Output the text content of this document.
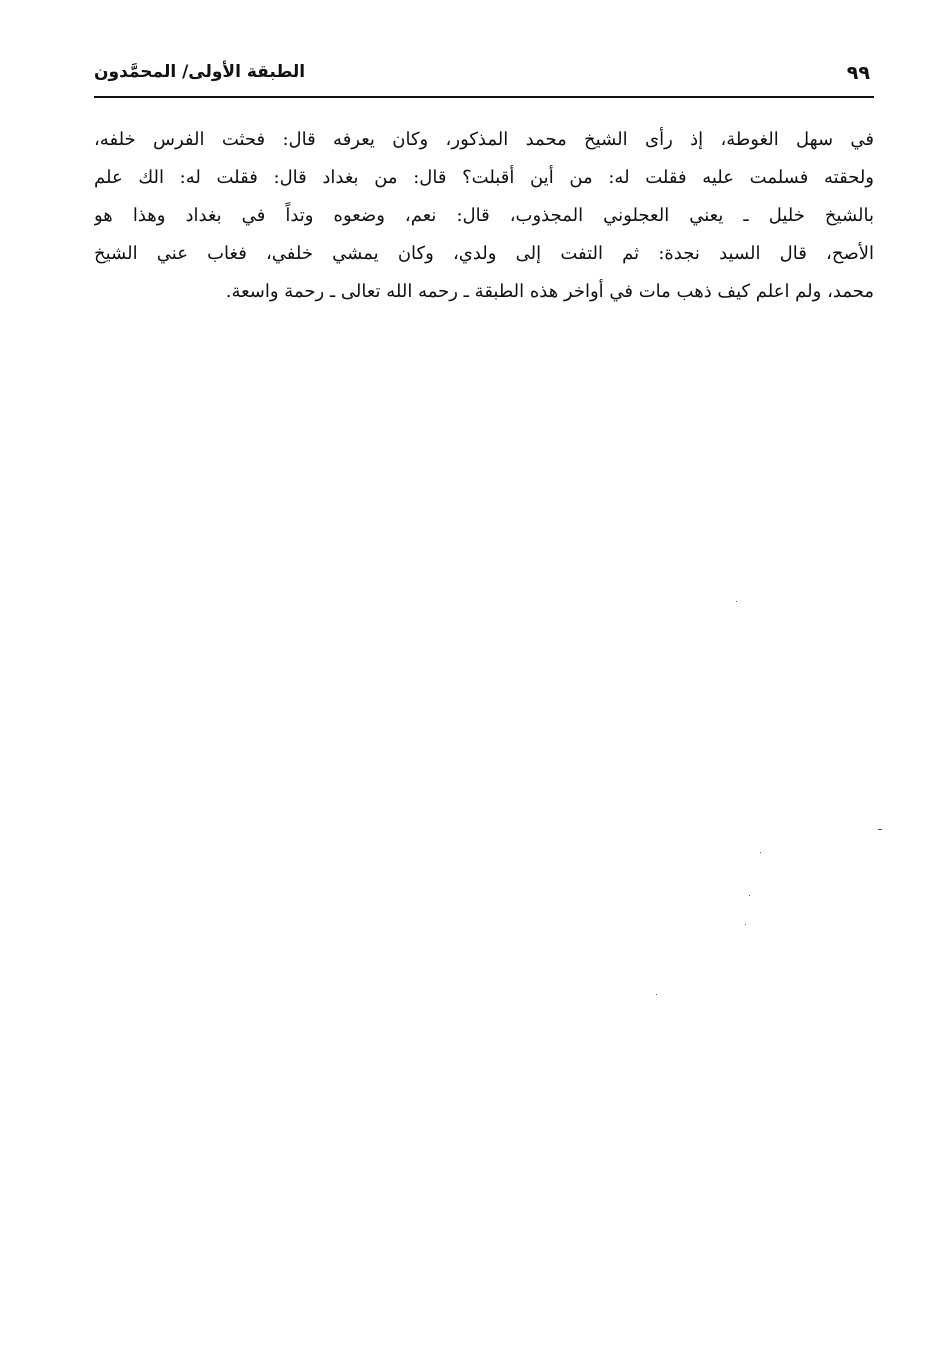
٩٩
الطبقة الأولى/ المحمَّدون
في سهل الغوطة، إذ رأى الشيخ محمد المذكور، وكان يعرفه قال: فحثت الفرس خلفه،
ولحقته فسلمت عليه فقلت له: من أين أقبلت؟ قال: من بغداد قال: فقلت له: الك علم
بالشيخ خليل ـ يعني العجلوني المجذوب، قال: نعم، وضعوه وتداً في بغداد وهذا هو
الأصح، قال السيد نجدة: ثم التفت إلى ولدي، وكان يمشي خلفي، فغاب عني الشيخ
محمد، ولم اعلم كيف ذهب مات في أواخر هذه الطبقة ـ رحمه الله تعالى ـ رحمة واسعة.
